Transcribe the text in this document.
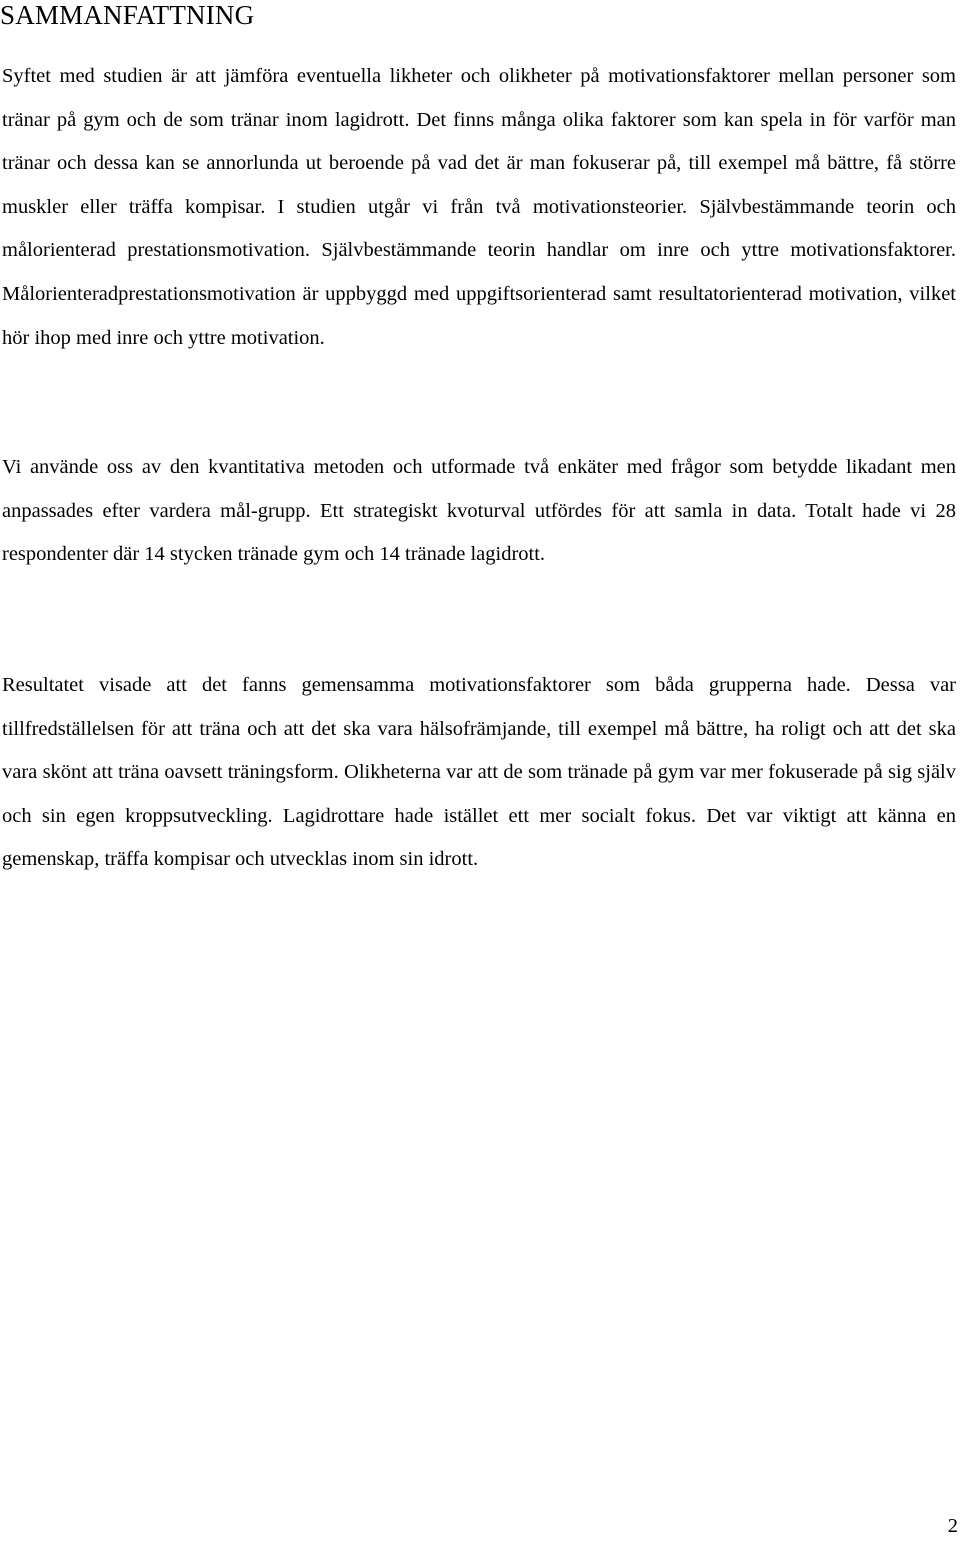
SAMMANFATTNING

Syftet med studien är att jämföra eventuella likheter och olikheter på motivationsfaktorer mellan personer som tränar på gym och de som tränar inom lagidrott. Det finns många olika faktorer som kan spela in för varför man tränar och dessa kan se annorlunda ut beroende på vad det är man fokuserar på, till exempel må bättre, få större muskler eller träffa kompisar. I studien utgår vi från två motivationsteorier. Självbestämmande teorin och målorienterad prestationsmotivation. Självbestämmande teorin handlar om inre och yttre motivationsfaktorer. Målorienteradprestationsmotivation är uppbyggd med uppgiftsorienterad samt resultatorienterad motivation, vilket hör ihop med inre och yttre motivation.

Vi använde oss av den kvantitativa metoden och utformade två enkäter med frågor som betydde likadant men anpassades efter vardera mål-grupp. Ett strategiskt kvoturval utfördes för att samla in data. Totalt hade vi 28 respondenter där 14 stycken tränade gym och 14 tränade lagidrott.

Resultatet visade att det fanns gemensamma motivationsfaktorer som båda grupperna hade. Dessa var tillfredställelsen för att träna och att det ska vara hälsofrämjande, till exempel må bättre, ha roligt och att det ska vara skönt att träna oavsett träningsform. Olikheterna var att de som tränade på gym var mer fokuserade på sig själv och sin egen kroppsutveckling. Lagidrottare hade istället ett mer socialt fokus. Det var viktigt att känna en gemenskap, träffa kompisar och utvecklas inom sin idrott.

2
